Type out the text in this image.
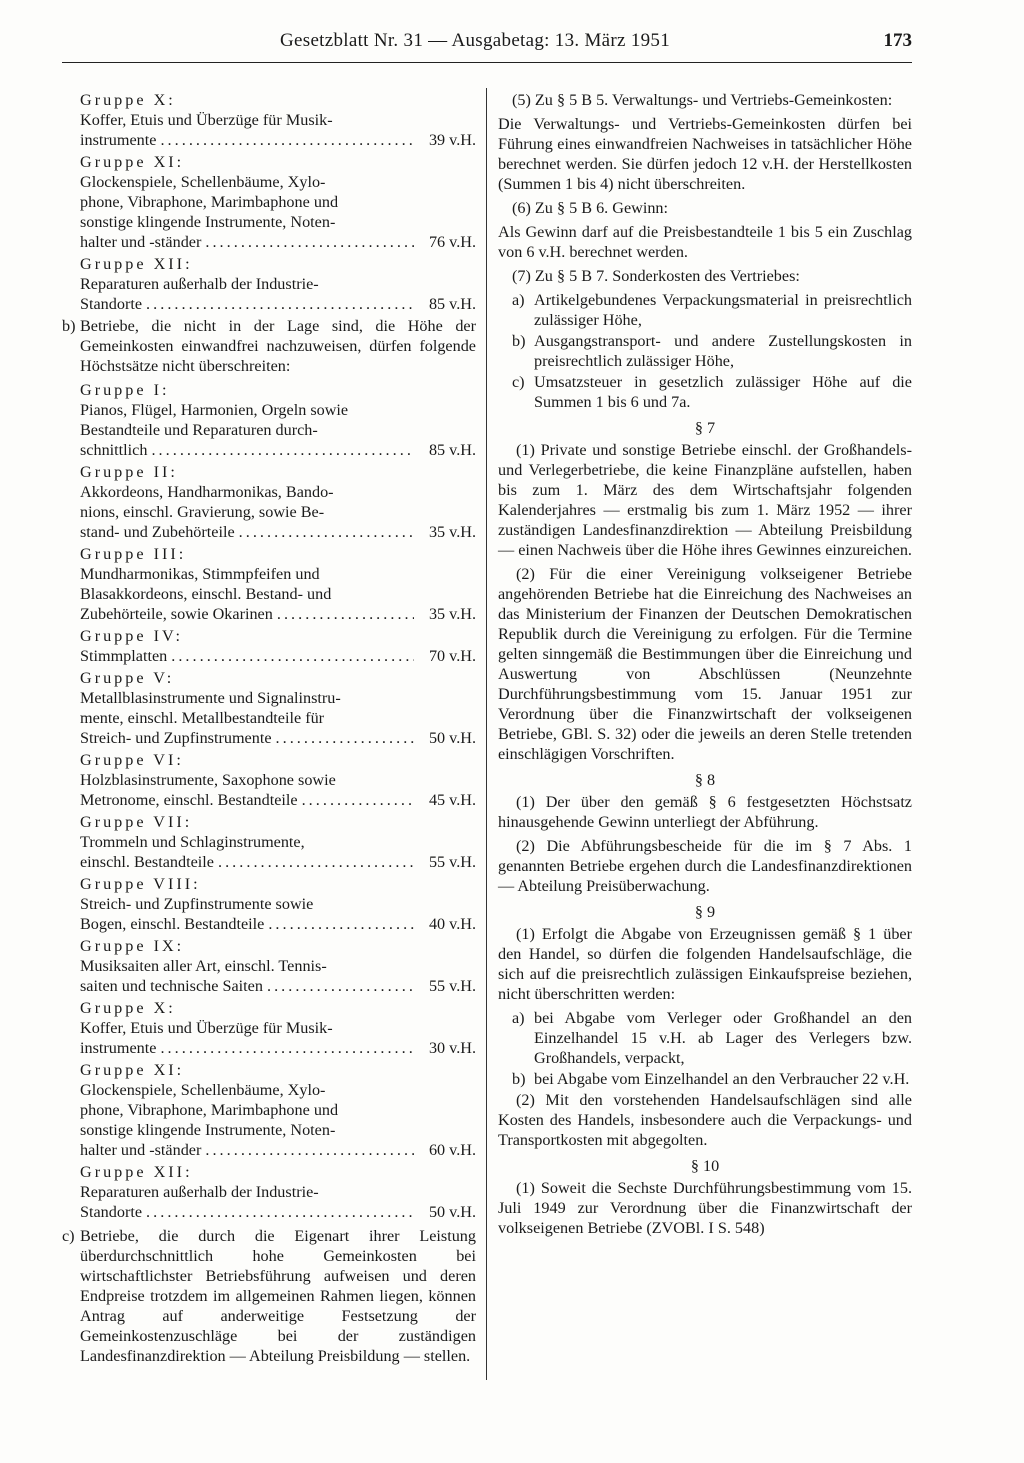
Gesetzblatt Nr. 31 — Ausgabetag: 13. März 1951	173
Gruppe X:
Koffer, Etuis und Überzüge für Musik-
instrumente . . .	39 v.H.
Gruppe XI:
Glockenspiele, Schellenbäume, Xylo-
phone, Vibraphone, Marimbaphone und
sonstige klingende Instrumente, Noten-
halter und -ständer . . .	76 v.H.
Gruppe XII:
Reparaturen außerhalb der Industrie-
Standorte . . .	85 v.H.
b) Betriebe, die nicht in der Lage sind, die Höhe der Gemeinkosten einwandfrei nachzuweisen, dürfen folgende Höchstsätze nicht überschreiten:
Gruppe I:
Pianos, Flügel, Harmonien, Orgeln sowie
Bestandteile und Reparaturen durch-
schnittlich . . .	85 v.H.
Gruppe II:
Akkordeons, Handharmonikas, Bando-
nions, einschl. Gravierung, sowie Be-
stand- und Zubehörteile . . .	35 v.H.
Gruppe III:
Mundharmonikas, Stimmpfeifen und
Blasakkordeons, einschl. Bestand- und
Zubehörteile, sowie Okarinen . . .	35 v.H.
Gruppe IV:
Stimmplatten . . .	70 v.H.
Gruppe V:
Metallblasinstrumente und Signalinstru-
mente, einschl. Metallbestandteile für
Streich- und Zupfinstrumente . . .	50 v.H.
Gruppe VI:
Holzblasinstrumente, Saxophone sowie
Metronome, einschl. Bestandteile . . .	45 v.H.
Gruppe VII:
Trommeln und Schlaginstrumente,
einschl. Bestandteile . . .	55 v.H.
Gruppe VIII:
Streich- und Zupfinstrumente sowie
Bogen, einschl. Bestandteile . . .	40 v.H.
Gruppe IX:
Musiksaiten aller Art, einschl. Tennis-
saiten und technische Saiten . . .	55 v.H.
Gruppe X:
Koffer, Etuis und Überzüge für Musik-
instrumente . . .	30 v.H.
Gruppe XI:
Glockenspiele, Schellenbäume, Xylo-
phone, Vibraphone, Marimbaphone und
sonstige klingende Instrumente, Noten-
halter und -ständer . . .	60 v.H.
Gruppe XII:
Reparaturen außerhalb der Industrie-
Standorte . . .	50 v.H.
c) Betriebe, die durch die Eigenart ihrer Leistung überdurchschnittlich hohe Gemeinkosten bei wirtschaftlichster Betriebsführung aufweisen und deren Endpreise trotzdem im allgemeinen Rahmen liegen, können Antrag auf anderweitige Festsetzung der Gemeinkostenzuschläge bei der zuständigen Landesfinanzdirektion — Abteilung Preisbildung — stellen.
(5) Zu § 5 B 5. Verwaltungs- und Vertriebs-Gemeinkosten:
Die Verwaltungs- und Vertriebs-Gemeinkosten dürfen bei Führung eines einwandfreien Nachweises in tatsächlicher Höhe berechnet werden. Sie dürfen jedoch 12 v.H. der Herstellkosten (Summen 1 bis 4) nicht überschreiten.
(6) Zu § 5 B 6. Gewinn:
Als Gewinn darf auf die Preisbestandteile 1 bis 5 ein Zuschlag von 6 v.H. berechnet werden.
(7) Zu § 5 B 7. Sonderkosten des Vertriebes:
a) Artikelgebundenes Verpackungsmaterial in preisrechtlich zulässiger Höhe,
b) Ausgangstransport- und andere Zustellungskosten in preisrechtlich zulässiger Höhe,
c) Umsatzsteuer in gesetzlich zulässiger Höhe auf die Summen 1 bis 6 und 7a.
§ 7
(1) Private und sonstige Betriebe einschl. der Großhandels- und Verlegerbetriebe, die keine Finanzpläne aufstellen, haben bis zum 1. März des dem Wirtschaftsjahr folgenden Kalenderjahres — erstmalig bis zum 1. März 1952 — ihrer zuständigen Landesfinanzdirektion — Abteilung Preisbildung — einen Nachweis über die Höhe ihres Gewinnes einzureichen.
(2) Für die einer Vereinigung volkseigener Betriebe angehörenden Betriebe hat die Einreichung des Nachweises an das Ministerium der Finanzen der Deutschen Demokratischen Republik durch die Vereinigung zu erfolgen. Für die Termine gelten sinngemäß die Bestimmungen über die Einreichung und Auswertung von Abschlüssen (Neunzehnte Durchführungsbestimmung vom 15. Januar 1951 zur Verordnung über die Finanzwirtschaft der volkseigenen Betriebe, GBl. S. 32) oder die jeweils an deren Stelle tretenden einschlägigen Vorschriften.
§ 8
(1) Der über den gemäß § 6 festgesetzten Höchstsatz hinausgehende Gewinn unterliegt der Abführung.
(2) Die Abführungsbescheide für die im § 7 Abs. 1 genannten Betriebe ergehen durch die Landesfinanzdirektionen — Abteilung Preisüberwachung.
§ 9
(1) Erfolgt die Abgabe von Erzeugnissen gemäß § 1 über den Handel, so dürfen die folgenden Handelsaufschläge, die sich auf die preisrechtlich zulässigen Einkaufspreise beziehen, nicht überschritten werden:
a) bei Abgabe vom Verleger oder Großhandel an den Einzelhandel 15 v.H. ab Lager des Verlegers bzw. Großhandels, verpackt,
b) bei Abgabe vom Einzelhandel an den Verbraucher 22 v.H.
(2) Mit den vorstehenden Handelsaufschlägen sind alle Kosten des Handels, insbesondere auch die Verpackungs- und Transportkosten mit abgegolten.
§ 10
(1) Soweit die Sechste Durchführungsbestimmung vom 15. Juli 1949 zur Verordnung über die Finanzwirtschaft der volkseigenen Betriebe (ZVOBl. I S. 548)
